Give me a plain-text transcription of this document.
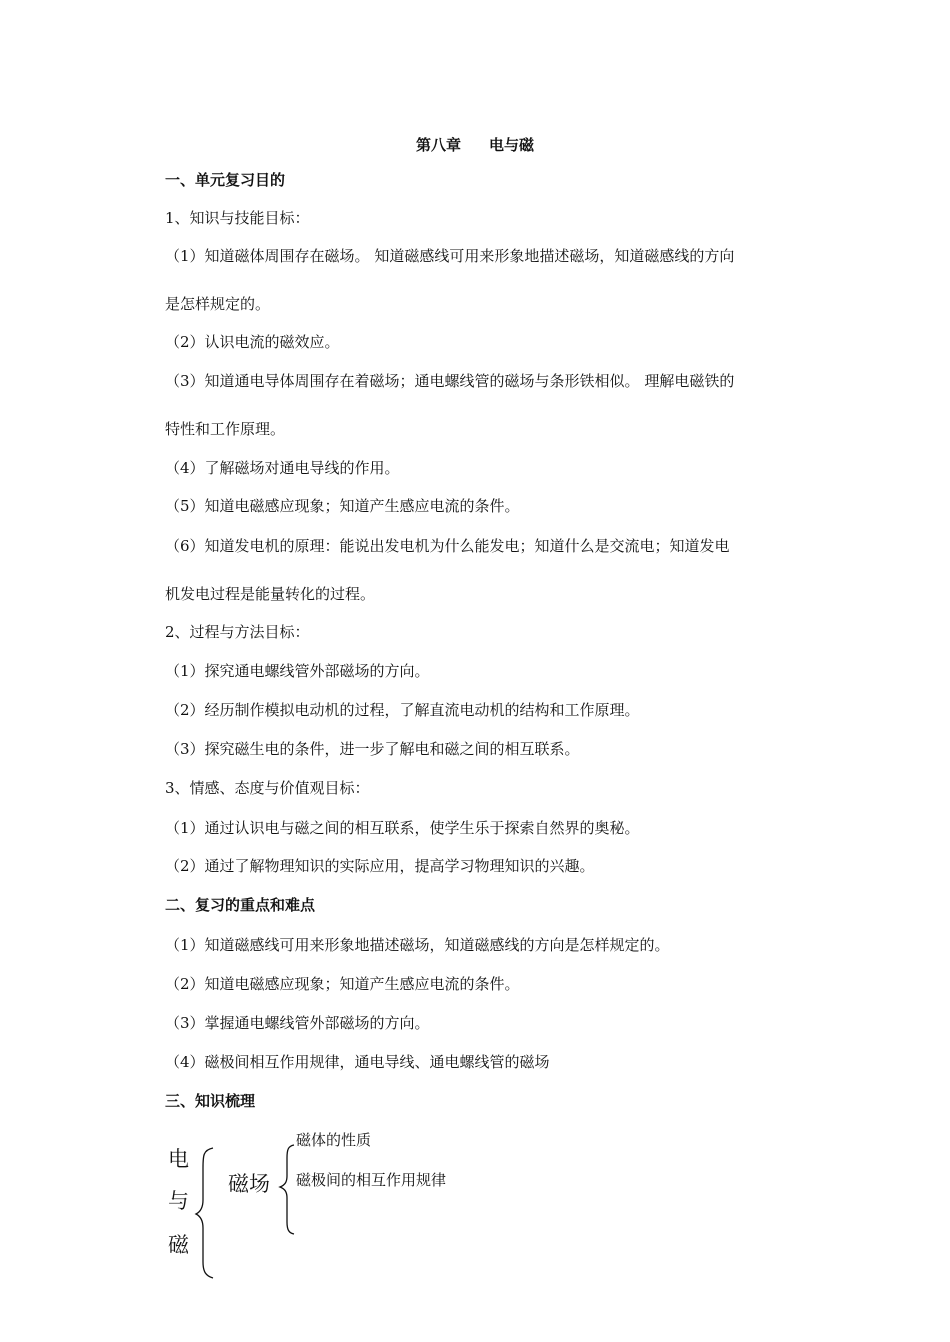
第八章 电与磁
一、单元复习目的
1、知识与技能目标：
（1）知道磁体周围存在磁场。 知道磁感线可用来形象地描述磁场，知道磁感线的方向
是怎样规定的。
（2）认识电流的磁效应。
（3）知道通电导体周围存在着磁场；通电螺线管的磁场与条形铁相似。 理解电磁铁的
特性和工作原理。
（4）了解磁场对通电导线的作用。
（5）知道电磁感应现象；知道产生感应电流的条件。
（6）知道发电机的原理：能说出发电机为什么能发电；知道什么是交流电；知道发电
机发电过程是能量转化的过程。
2、过程与方法目标：
（1）探究通电螺线管外部磁场的方向。
（2）经历制作模拟电动机的过程，了解直流电动机的结构和工作原理。
（3）探究磁生电的条件，进一步了解电和磁之间的相互联系。
3、情感、态度与价值观目标：
（1）通过认识电与磁之间的相互联系，使学生乐于探索自然界的奥秘。
（2）通过了解物理知识的实际应用，提高学习物理知识的兴趣。
二、复习的重点和难点
（1）知道磁感线可用来形象地描述磁场，知道磁感线的方向是怎样规定的。
（2）知道电磁感应现象；知道产生感应电流的条件。
（3）掌握通电螺线管外部磁场的方向。
（4）磁极间相互作用规律，通电导线、通电螺线管的磁场
三、知识梳理
电
与
磁
磁场
磁体的性质
磁极间的相互作用规律
